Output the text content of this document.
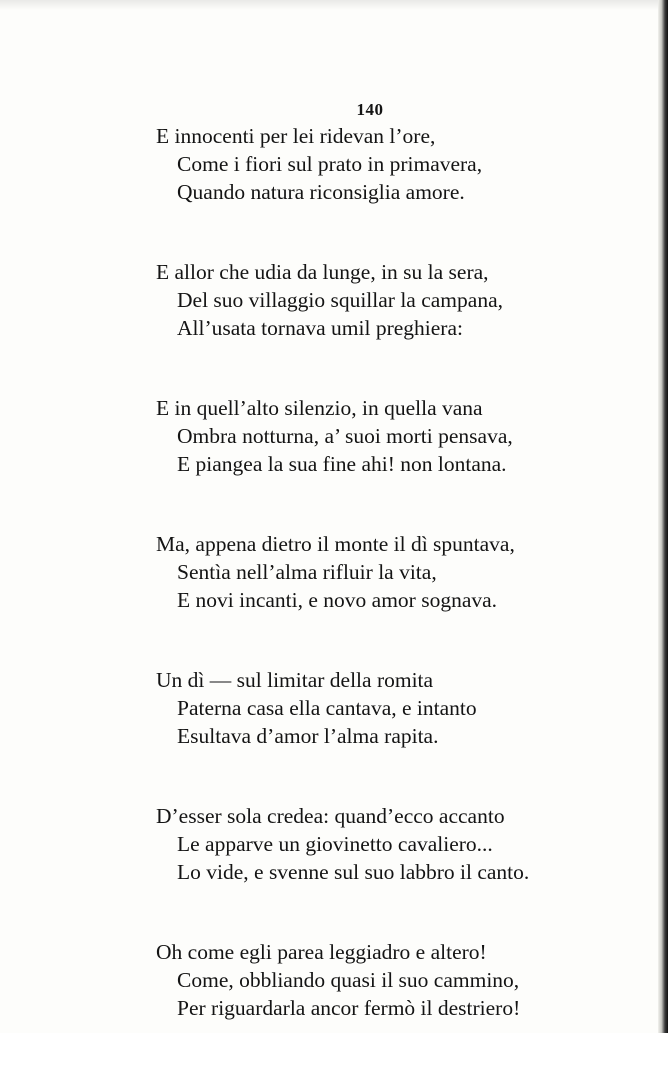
140
E innocenti per lei ridevan l’ore,
Come i fiori sul prato in primavera,
Quando natura riconsiglia amore.
E allor che udia da lunge, in su la sera,
Del suo villaggio squillar la campana,
All’usata tornava umil preghiera:
E in quell’alto silenzio, in quella vana
Ombra notturna, a’ suoi morti pensava,
E piangea la sua fine ahi! non lontana.
Ma, appena dietro il monte il dì spuntava,
Sentìa nell’alma rifluir la vita,
E novi incanti, e novo amor sognava.
Un dì — sul limitar della romita
Paterna casa ella cantava, e intanto
Esultava d’amor l’alma rapita.
D’esser sola credea: quand’ecco accanto
Le apparve un giovinetto cavaliero...
Lo vide, e svenne sul suo labbro il canto.
Oh come egli parea leggiadro e altero!
Come, obbliando quasi il suo cammino,
Per riguardarla ancor fermò il destriero!
